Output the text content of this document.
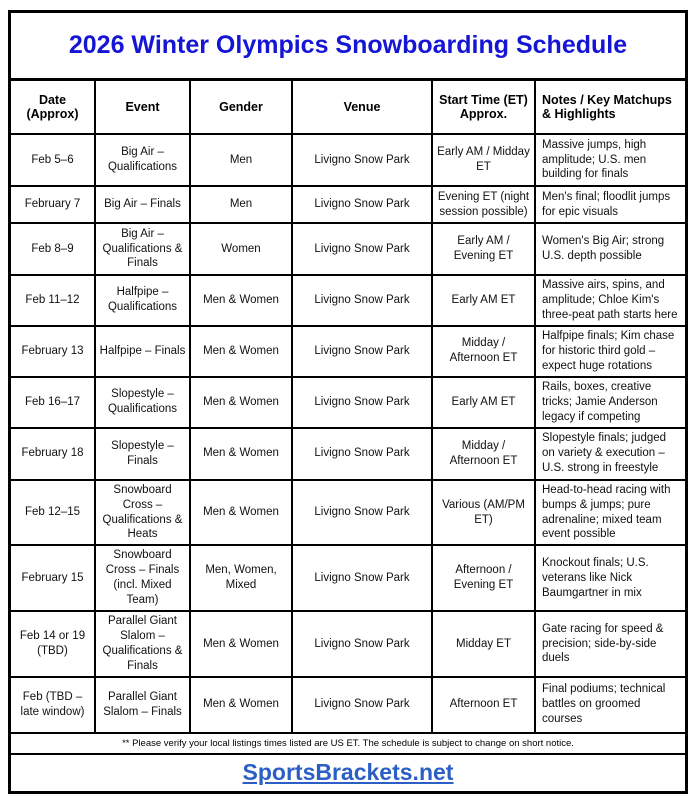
2026 Winter Olympics Snowboarding Schedule
Date (Approx)	Event	Gender	Venue	Start Time (ET) Approx.	Notes / Key Matchups & Highlights
Feb 5–6	Big Air – Qualifications	Men	Livigno Snow Park	Early AM / Midday ET	Massive jumps, high amplitude; U.S. men building for finals
February 7	Big Air – Finals	Men	Livigno Snow Park	Evening ET (night session possible)	Men's final; floodlit jumps for epic visuals
Feb 8–9	Big Air – Qualifications & Finals	Women	Livigno Snow Park	Early AM / Evening ET	Women's Big Air; strong U.S. depth possible
Feb 11–12	Halfpipe – Qualifications	Men & Women	Livigno Snow Park	Early AM ET	Massive airs, spins, and amplitude; Chloe Kim's three-peat path starts here
February 13	Halfpipe – Finals	Men & Women	Livigno Snow Park	Midday / Afternoon ET	Halfpipe finals; Kim chase for historic third gold – expect huge rotations
Feb 16–17	Slopestyle – Qualifications	Men & Women	Livigno Snow Park	Early AM ET	Rails, boxes, creative tricks; Jamie Anderson legacy if competing
February 18	Slopestyle – Finals	Men & Women	Livigno Snow Park	Midday / Afternoon ET	Slopestyle finals; judged on variety & execution – U.S. strong in freestyle
Feb 12–15	Snowboard Cross – Qualifications & Heats	Men & Women	Livigno Snow Park	Various (AM/PM ET)	Head-to-head racing with bumps & jumps; pure adrenaline; mixed team event possible
February 15	Snowboard Cross – Finals (incl. Mixed Team)	Men, Women, Mixed	Livigno Snow Park	Afternoon / Evening ET	Knockout finals; U.S. veterans like Nick Baumgartner in mix
Feb 14 or 19 (TBD)	Parallel Giant Slalom – Qualifications & Finals	Men & Women	Livigno Snow Park	Midday ET	Gate racing for speed & precision; side-by-side duels
Feb (TBD – late window)	Parallel Giant Slalom – Finals	Men & Women	Livigno Snow Park	Afternoon ET	Final podiums; technical battles on groomed courses
** Please verify your local listings times listed are US ET. The schedule is subject to change on short notice.
SportsBrackets.net
